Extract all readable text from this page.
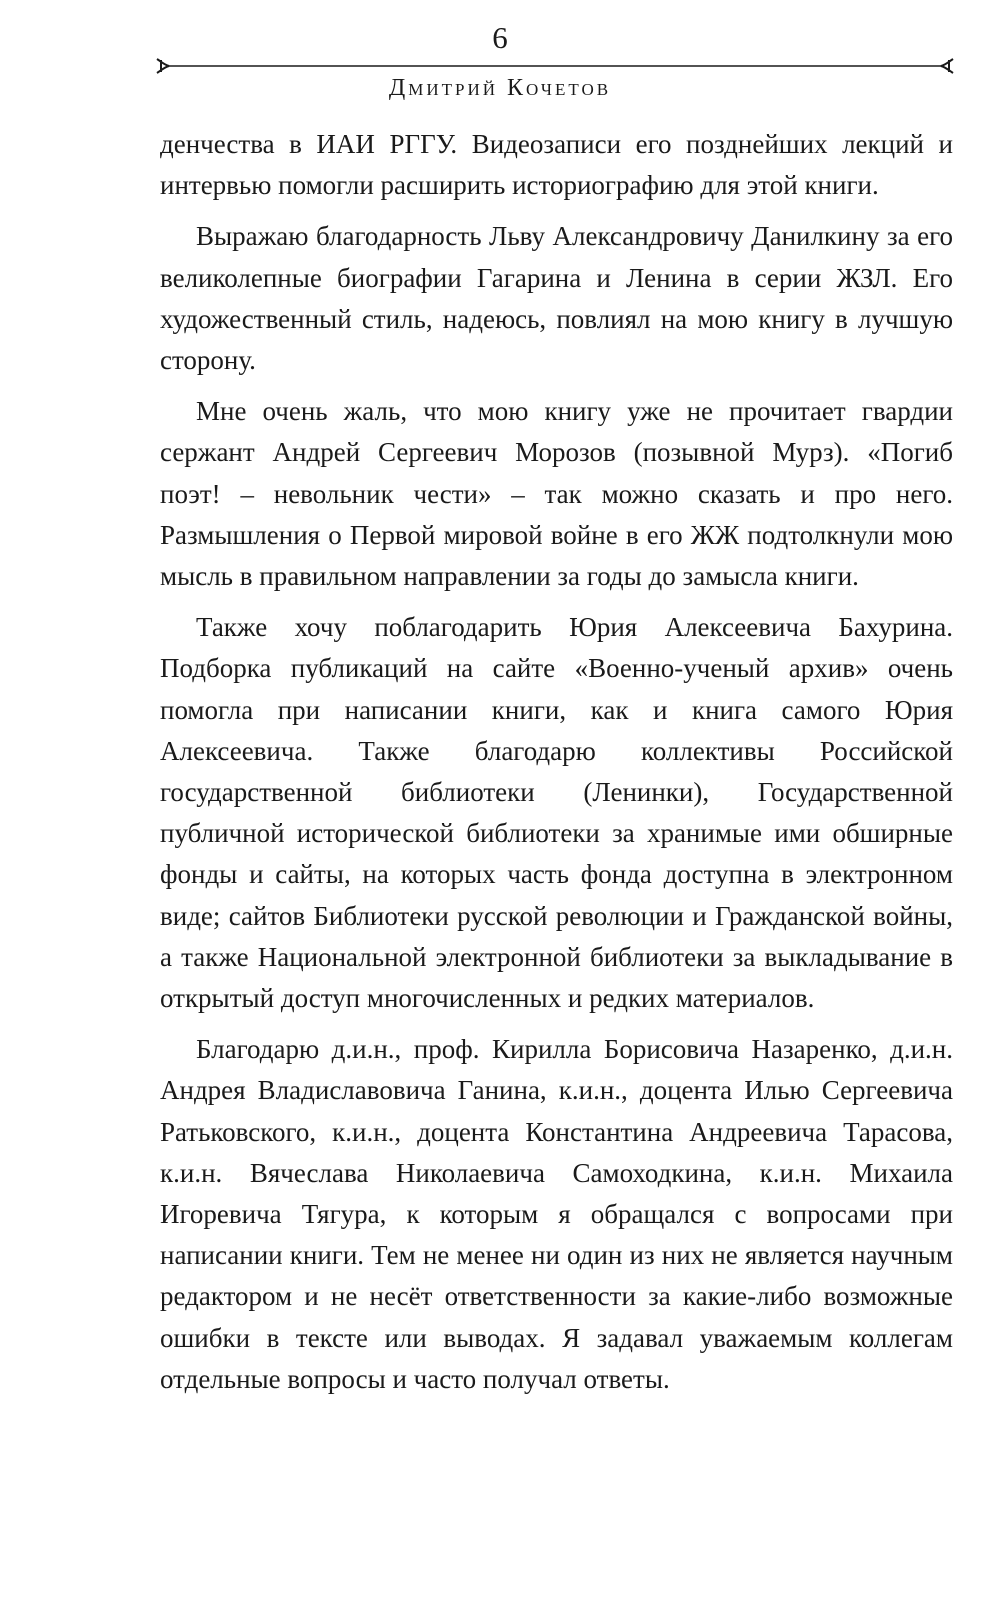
6
Дмитрий Кочетов

денчества в ИАИ РГГУ. Видеозаписи его позднейших лекций и интервью помогли расширить историографию для этой книги.

Выражаю благодарность Льву Александровичу Данилкину за его великолепные биографии Гагарина и Ленина в серии ЖЗЛ. Его художественный стиль, надеюсь, повлиял на мою книгу в лучшую сторону.

Мне очень жаль, что мою книгу уже не прочитает гвардии сержант Андрей Сергеевич Морозов (позывной Мурз). «Погиб поэт! – невольник чести» – так можно сказать и про него. Размышления о Первой мировой войне в его ЖЖ подтолкнули мою мысль в правильном направлении за годы до замысла книги.

Также хочу поблагодарить Юрия Алексеевича Бахурина. Подборка публикаций на сайте «Военно-ученый архив» очень помогла при написании книги, как и книга самого Юрия Алексеевича. Также благодарю коллективы Российской государственной библиотеки (Ленинки), Государственной публичной исторической библиотеки за хранимые ими обширные фонды и сайты, на которых часть фонда доступна в электронном виде; сайтов Библиотеки русской революции и Гражданской войны, а также Национальной электронной библиотеки за выкладывание в открытый доступ многочисленных и редких материалов.

Благодарю д.и.н., проф. Кирилла Борисовича Назаренко, д.и.н. Андрея Владиславовича Ганина, к.и.н., доцента Илью Сергеевича Ратьковского, к.и.н., доцента Константина Андреевича Тарасова, к.и.н. Вячеслава Николаевича Самоходкина, к.и.н. Михаила Игоревича Тягура, к которым я обращался с вопросами при написании книги. Тем не менее ни один из них не является научным редактором и не несёт ответственности за какие-либо возможные ошибки в тексте или выводах. Я задавал уважаемым коллегам отдельные вопросы и часто получал ответы.
